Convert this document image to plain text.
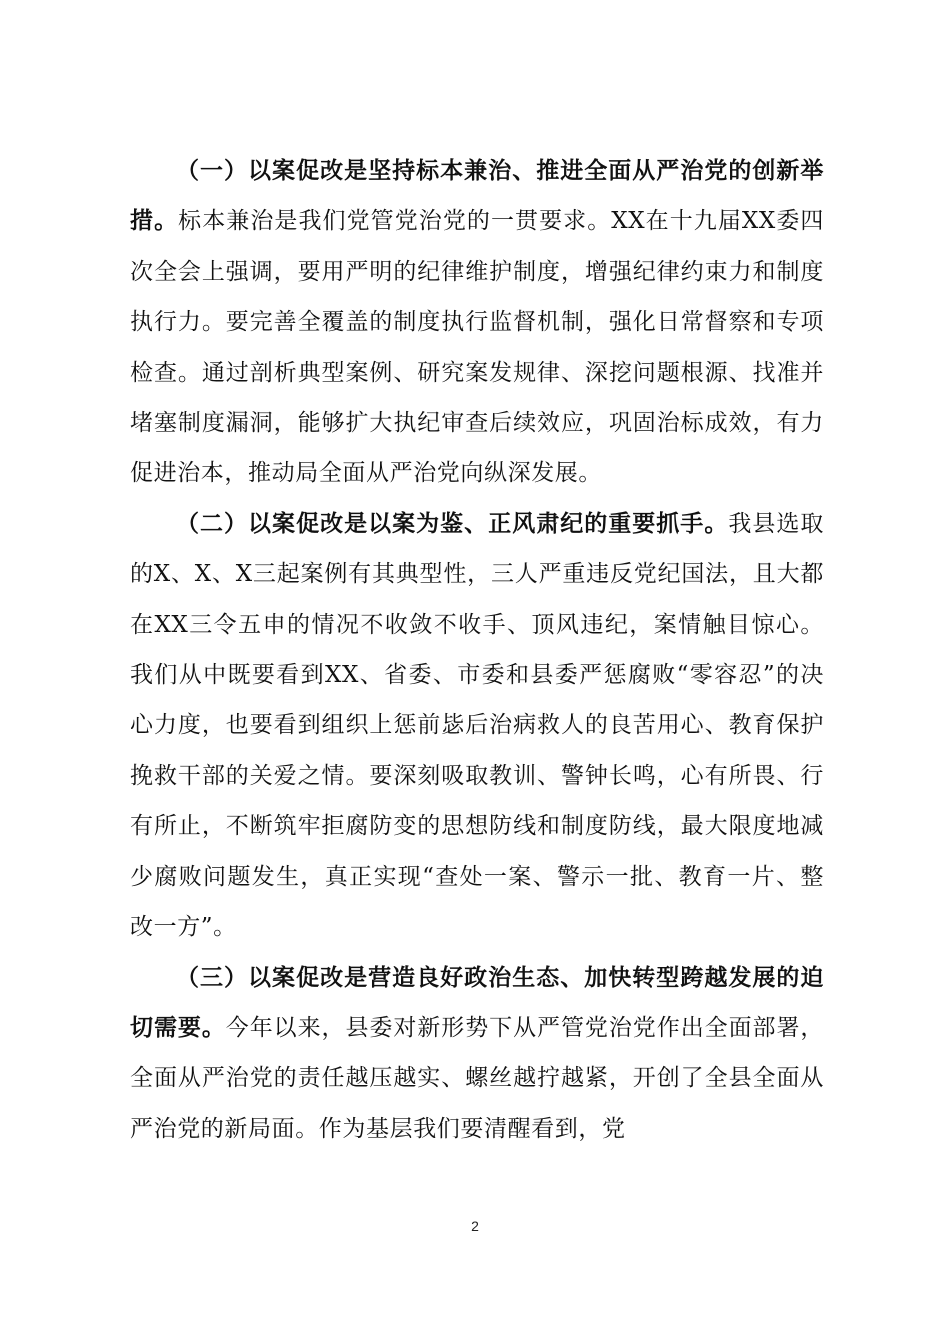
（一）以案促改是坚持标本兼治、推进全面从严治党的创新举措。标本兼治是我们党管党治党的一贯要求。XX在十九届XX委四次全会上强调，要用严明的纪律维护制度，增强纪律约束力和制度执行力。要完善全覆盖的制度执行监督机制，强化日常督察和专项检查。通过剖析典型案例、研究案发规律、深挖问题根源、找准并堵塞制度漏洞，能够扩大执纪审查后续效应，巩固治标成效，有力促进治本，推动局全面从严治党向纵深发展。

（二）以案促改是以案为鉴、正风肃纪的重要抓手。我县选取的X、X、X三起案例有其典型性，三人严重违反党纪国法，且大都在XX三令五申的情况不收敛不收手、顶风违纪，案情触目惊心。我们从中既要看到XX、省委、市委和县委严惩腐败“零容忍”的决心力度，也要看到组织上惩前毖后治病救人的良苦用心、教育保护挽救干部的关爱之情。要深刻吸取教训、警钟长鸣，心有所畏、行有所止，不断筑牢拒腐防变的思想防线和制度防线，最大限度地减少腐败问题发生，真正实现“查处一案、警示一批、教育一片、整改一方”。

（三）以案促改是营造良好政治生态、加快转型跨越发展的迫切需要。今年以来，县委对新形势下从严管党治党作出全面部署，全面从严治党的责任越压越实、螺丝越拧越紧，开创了全县全面从严治党的新局面。作为基层我们要清醒看到，党

2
